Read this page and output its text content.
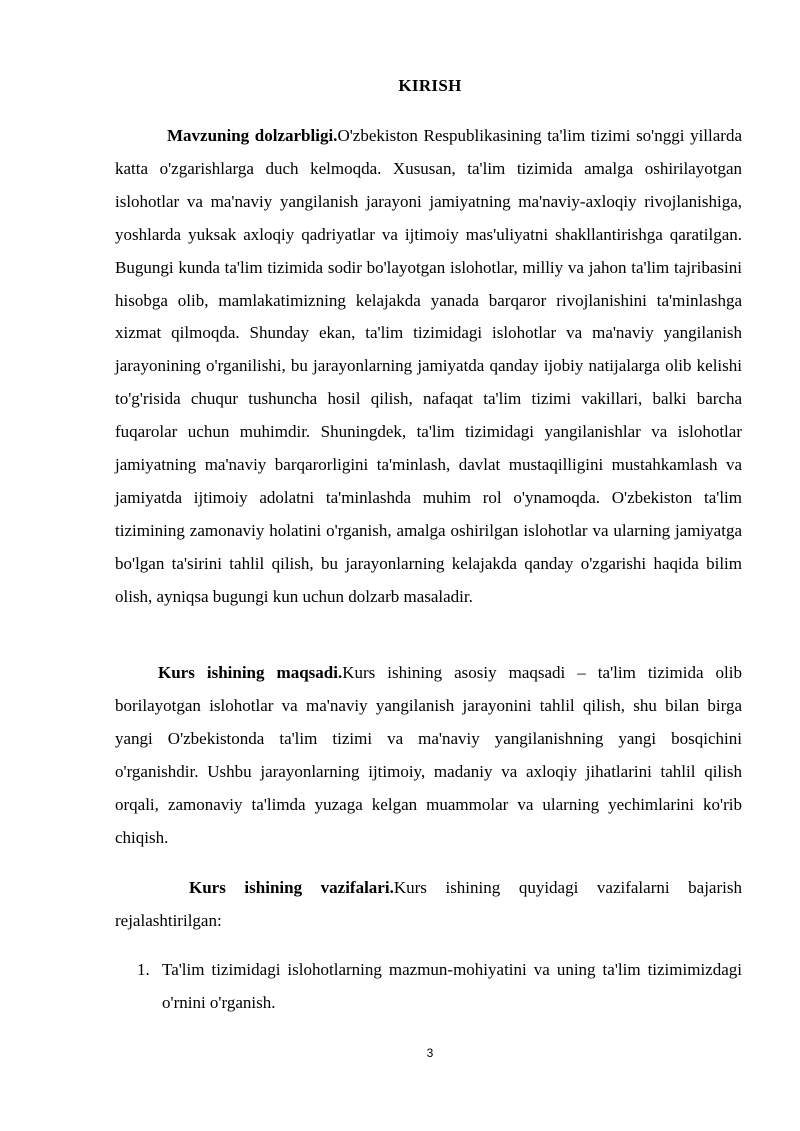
KIRISH

Mavzuning dolzarbligi.O'zbekiston Respublikasining ta'lim tizimi so'nggi yillarda katta o'zgarishlarga duch kelmoqda. Xususan, ta'lim tizimida amalga oshirilayotgan islohotlar va ma'naviy yangilanish jarayoni jamiyatning ma'naviy-axloqiy rivojlanishiga, yoshlarda yuksak axloqiy qadriyatlar va ijtimoiy mas'uliyatni shakllantirishga qaratilgan. Bugungi kunda ta'lim tizimida sodir bo'layotgan islohotlar, milliy va jahon ta'lim tajribasini hisobga olib, mamlakatimizning kelajakda yanada barqaror rivojlanishini ta'minlashga xizmat qilmoqda. Shunday ekan, ta'lim tizimidagi islohotlar va ma'naviy yangilanish jarayonining o'rganilishi, bu jarayonlarning jamiyatda qanday ijobiy natijalarga olib kelishi to'g'risida chuqur tushuncha hosil qilish, nafaqat ta'lim tizimi vakillari, balki barcha fuqarolar uchun muhimdir. Shuningdek, ta'lim tizimidagi yangilanishlar va islohotlar jamiyatning ma'naviy barqarorligini ta'minlash, davlat mustaqilligini mustahkamlash va jamiyatda ijtimoiy adolatni ta'minlashda muhim rol o'ynamoqda. O'zbekiston ta'lim tizimining zamonaviy holatini o'rganish, amalga oshirilgan islohotlar va ularning jamiyatga bo'lgan ta'sirini tahlil qilish, bu jarayonlarning kelajakda qanday o'zgarishi haqida bilim olish, ayniqsa bugungi kun uchun dolzarb masaladir.

Kurs ishining maqsadi.Kurs ishining asosiy maqsadi – ta'lim tizimida olib borilayotgan islohotlar va ma'naviy yangilanish jarayonini tahlil qilish, shu bilan birga yangi O'zbekistonda ta'lim tizimi va ma'naviy yangilanishning yangi bosqichini o'rganishdir. Ushbu jarayonlarning ijtimoiy, madaniy va axloqiy jihatlarini tahlil qilish orqali, zamonaviy ta'limda yuzaga kelgan muammolar va ularning yechimlarini ko'rib chiqish.

Kurs ishining vazifalari.Kurs ishining quyidagi vazifalarni bajarish rejalashtirilgan:

1. Ta'lim tizimidagi islohotlarning mazmun-mohiyatini va uning ta'lim tizimimizdagi o'rnini o'rganish.
3
